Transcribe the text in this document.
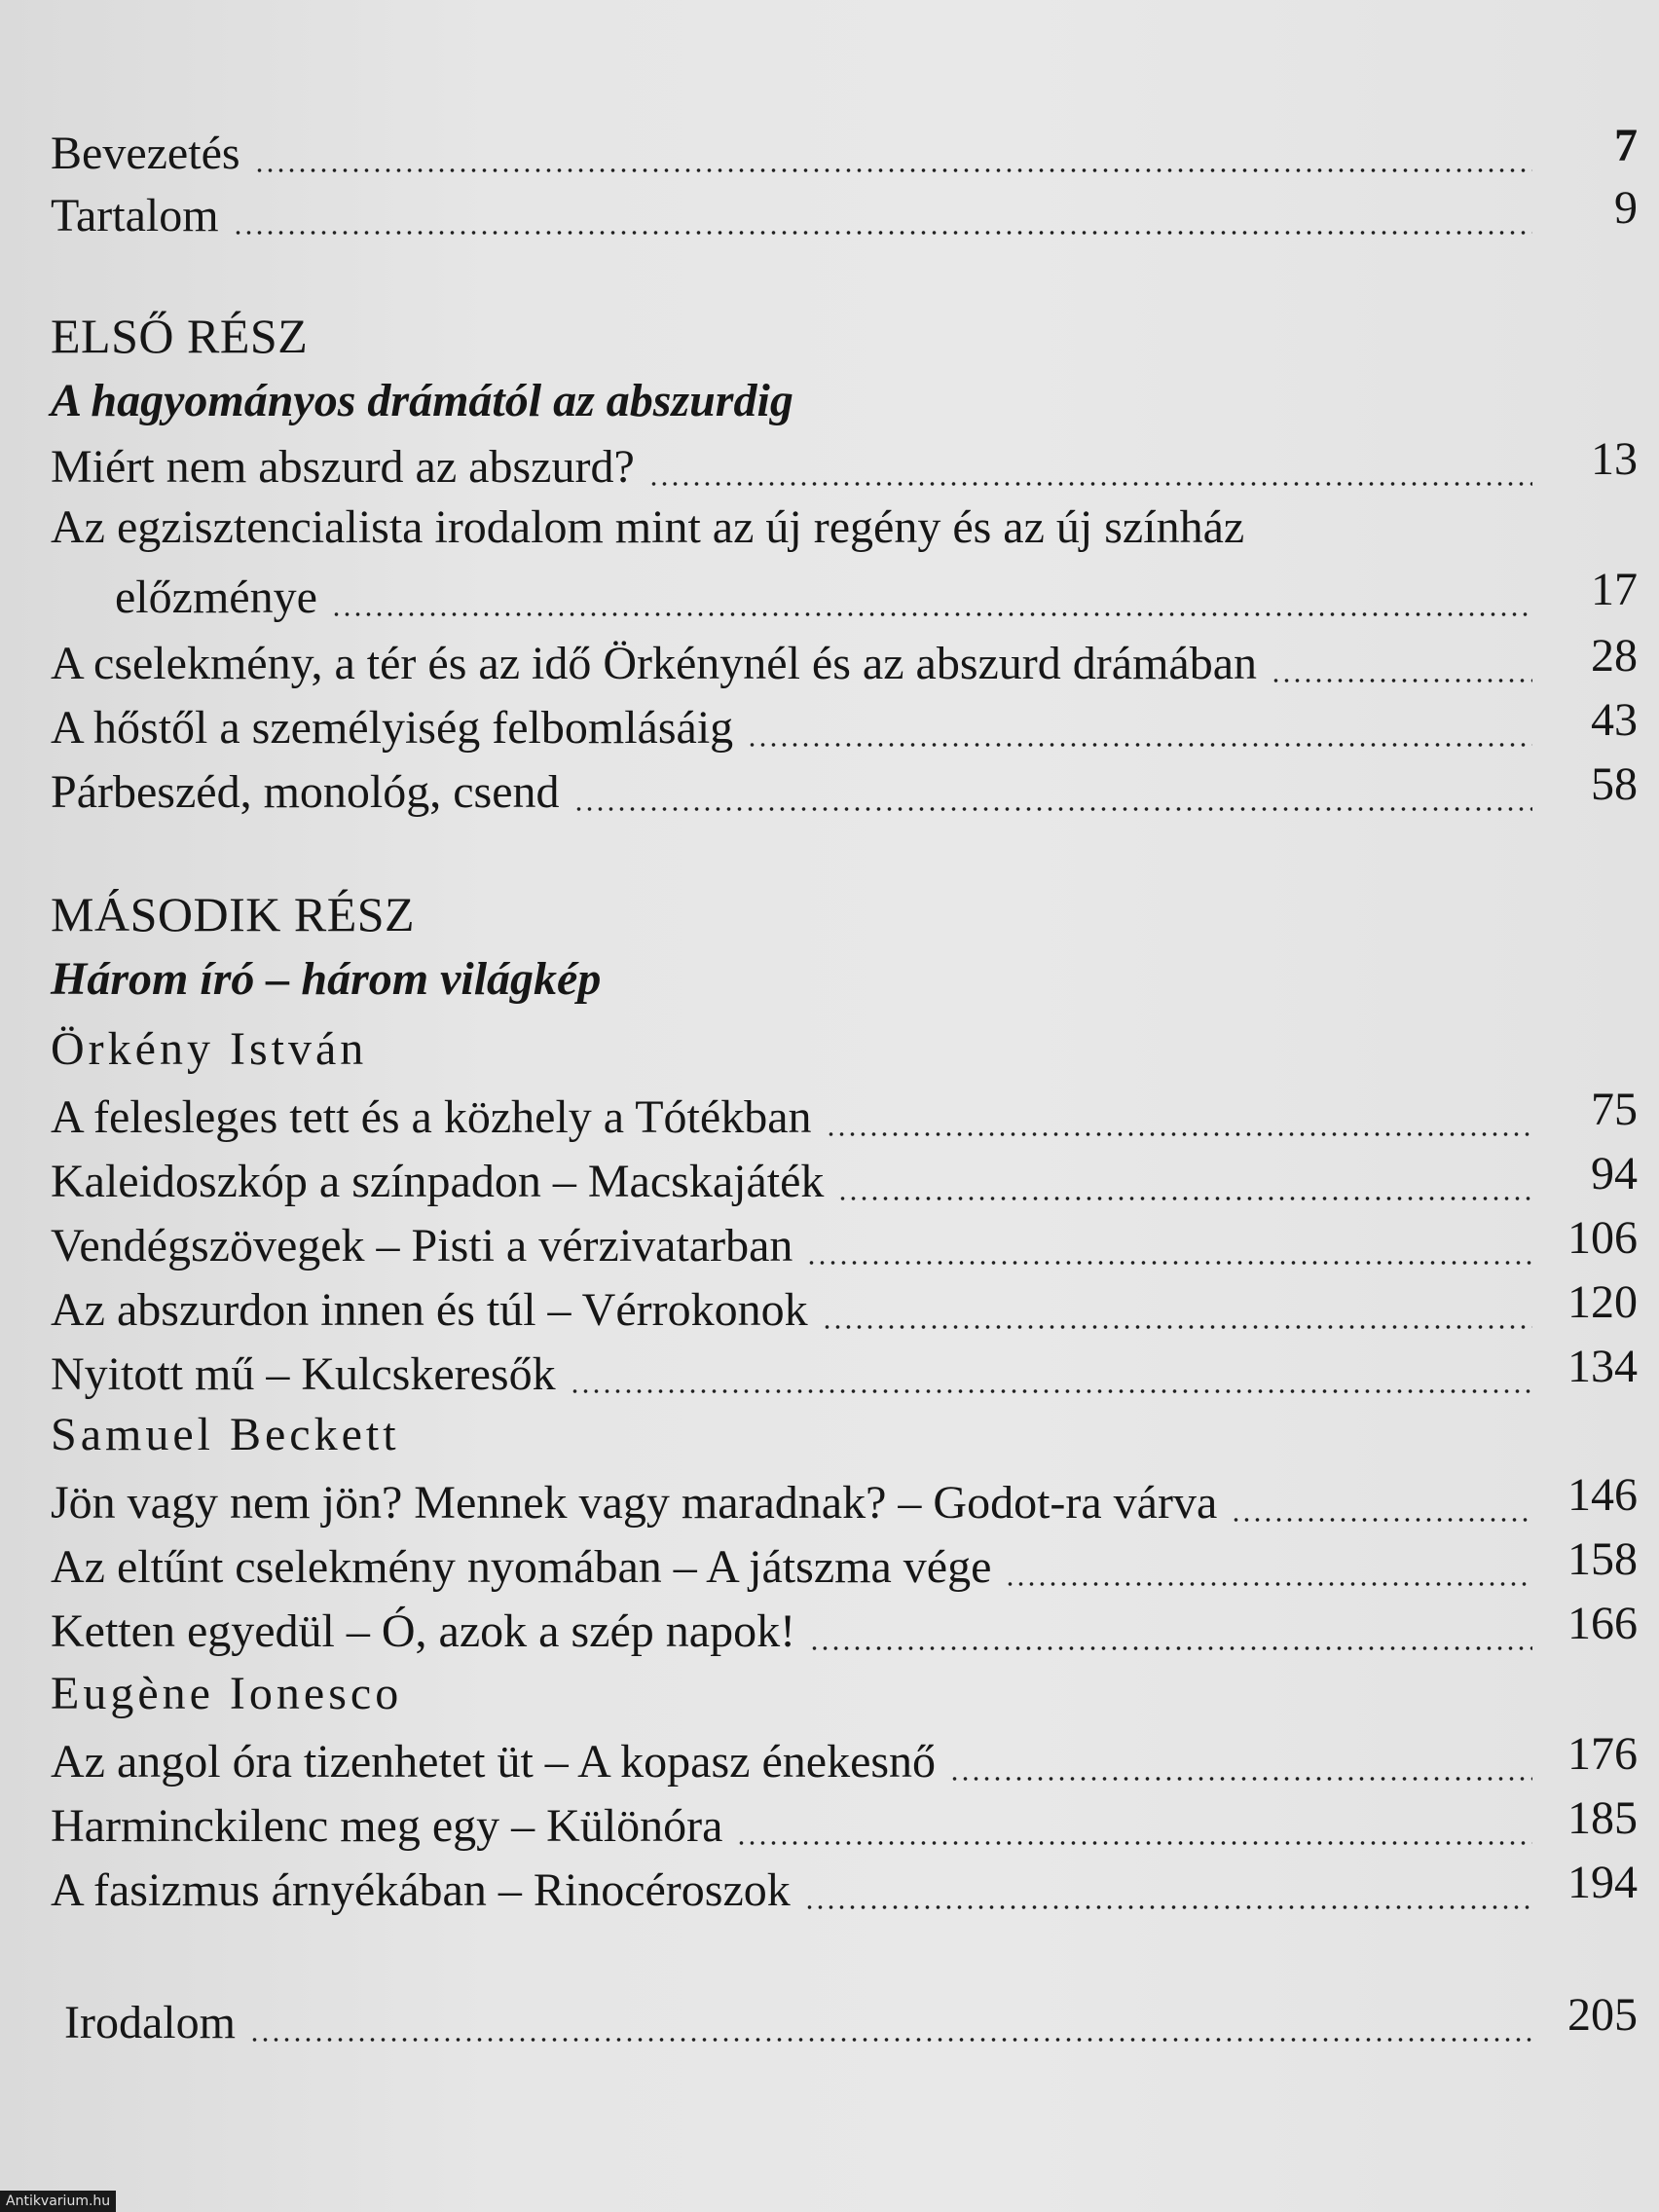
Bevezetés	7
Tartalom	9
ELSŐ RÉSZ
A hagyományos drámától az abszurdig
Miért nem abszurd az abszurd?	13
Az egzisztencialista irodalom mint az új regény és az új színház
előzménye	17
A cselekmény, a tér és az idő Örkénynél és az abszurd drámában	28
A hőstől a személyiség felbomlásáig	43
Párbeszéd, monológ, csend	58
MÁSODIK RÉSZ
Három író – három világkép
Örkény István
A felesleges tett és a közhely a Tótékban	75
Kaleidoszkóp a színpadon – Macskajáték	94
Vendégszövegek – Pisti a vérzivatarban	106
Az abszurdon innen és túl – Vérrokonok	120
Nyitott mű – Kulcskeresők	134
Samuel Beckett
Jön vagy nem jön? Mennek vagy maradnak? – Godot-ra várva	146
Az eltűnt cselekmény nyomában – A játszma vége	158
Ketten egyedül – Ó, azok a szép napok!	166
Eugène Ionesco
Az angol óra tizenhetet üt – A kopasz énekesnő	176
Harminckilenc meg egy – Különóra	185
A fasizmus árnyékában – Rinocéroszok	194
Irodalom	205
Antikvarium.hu
